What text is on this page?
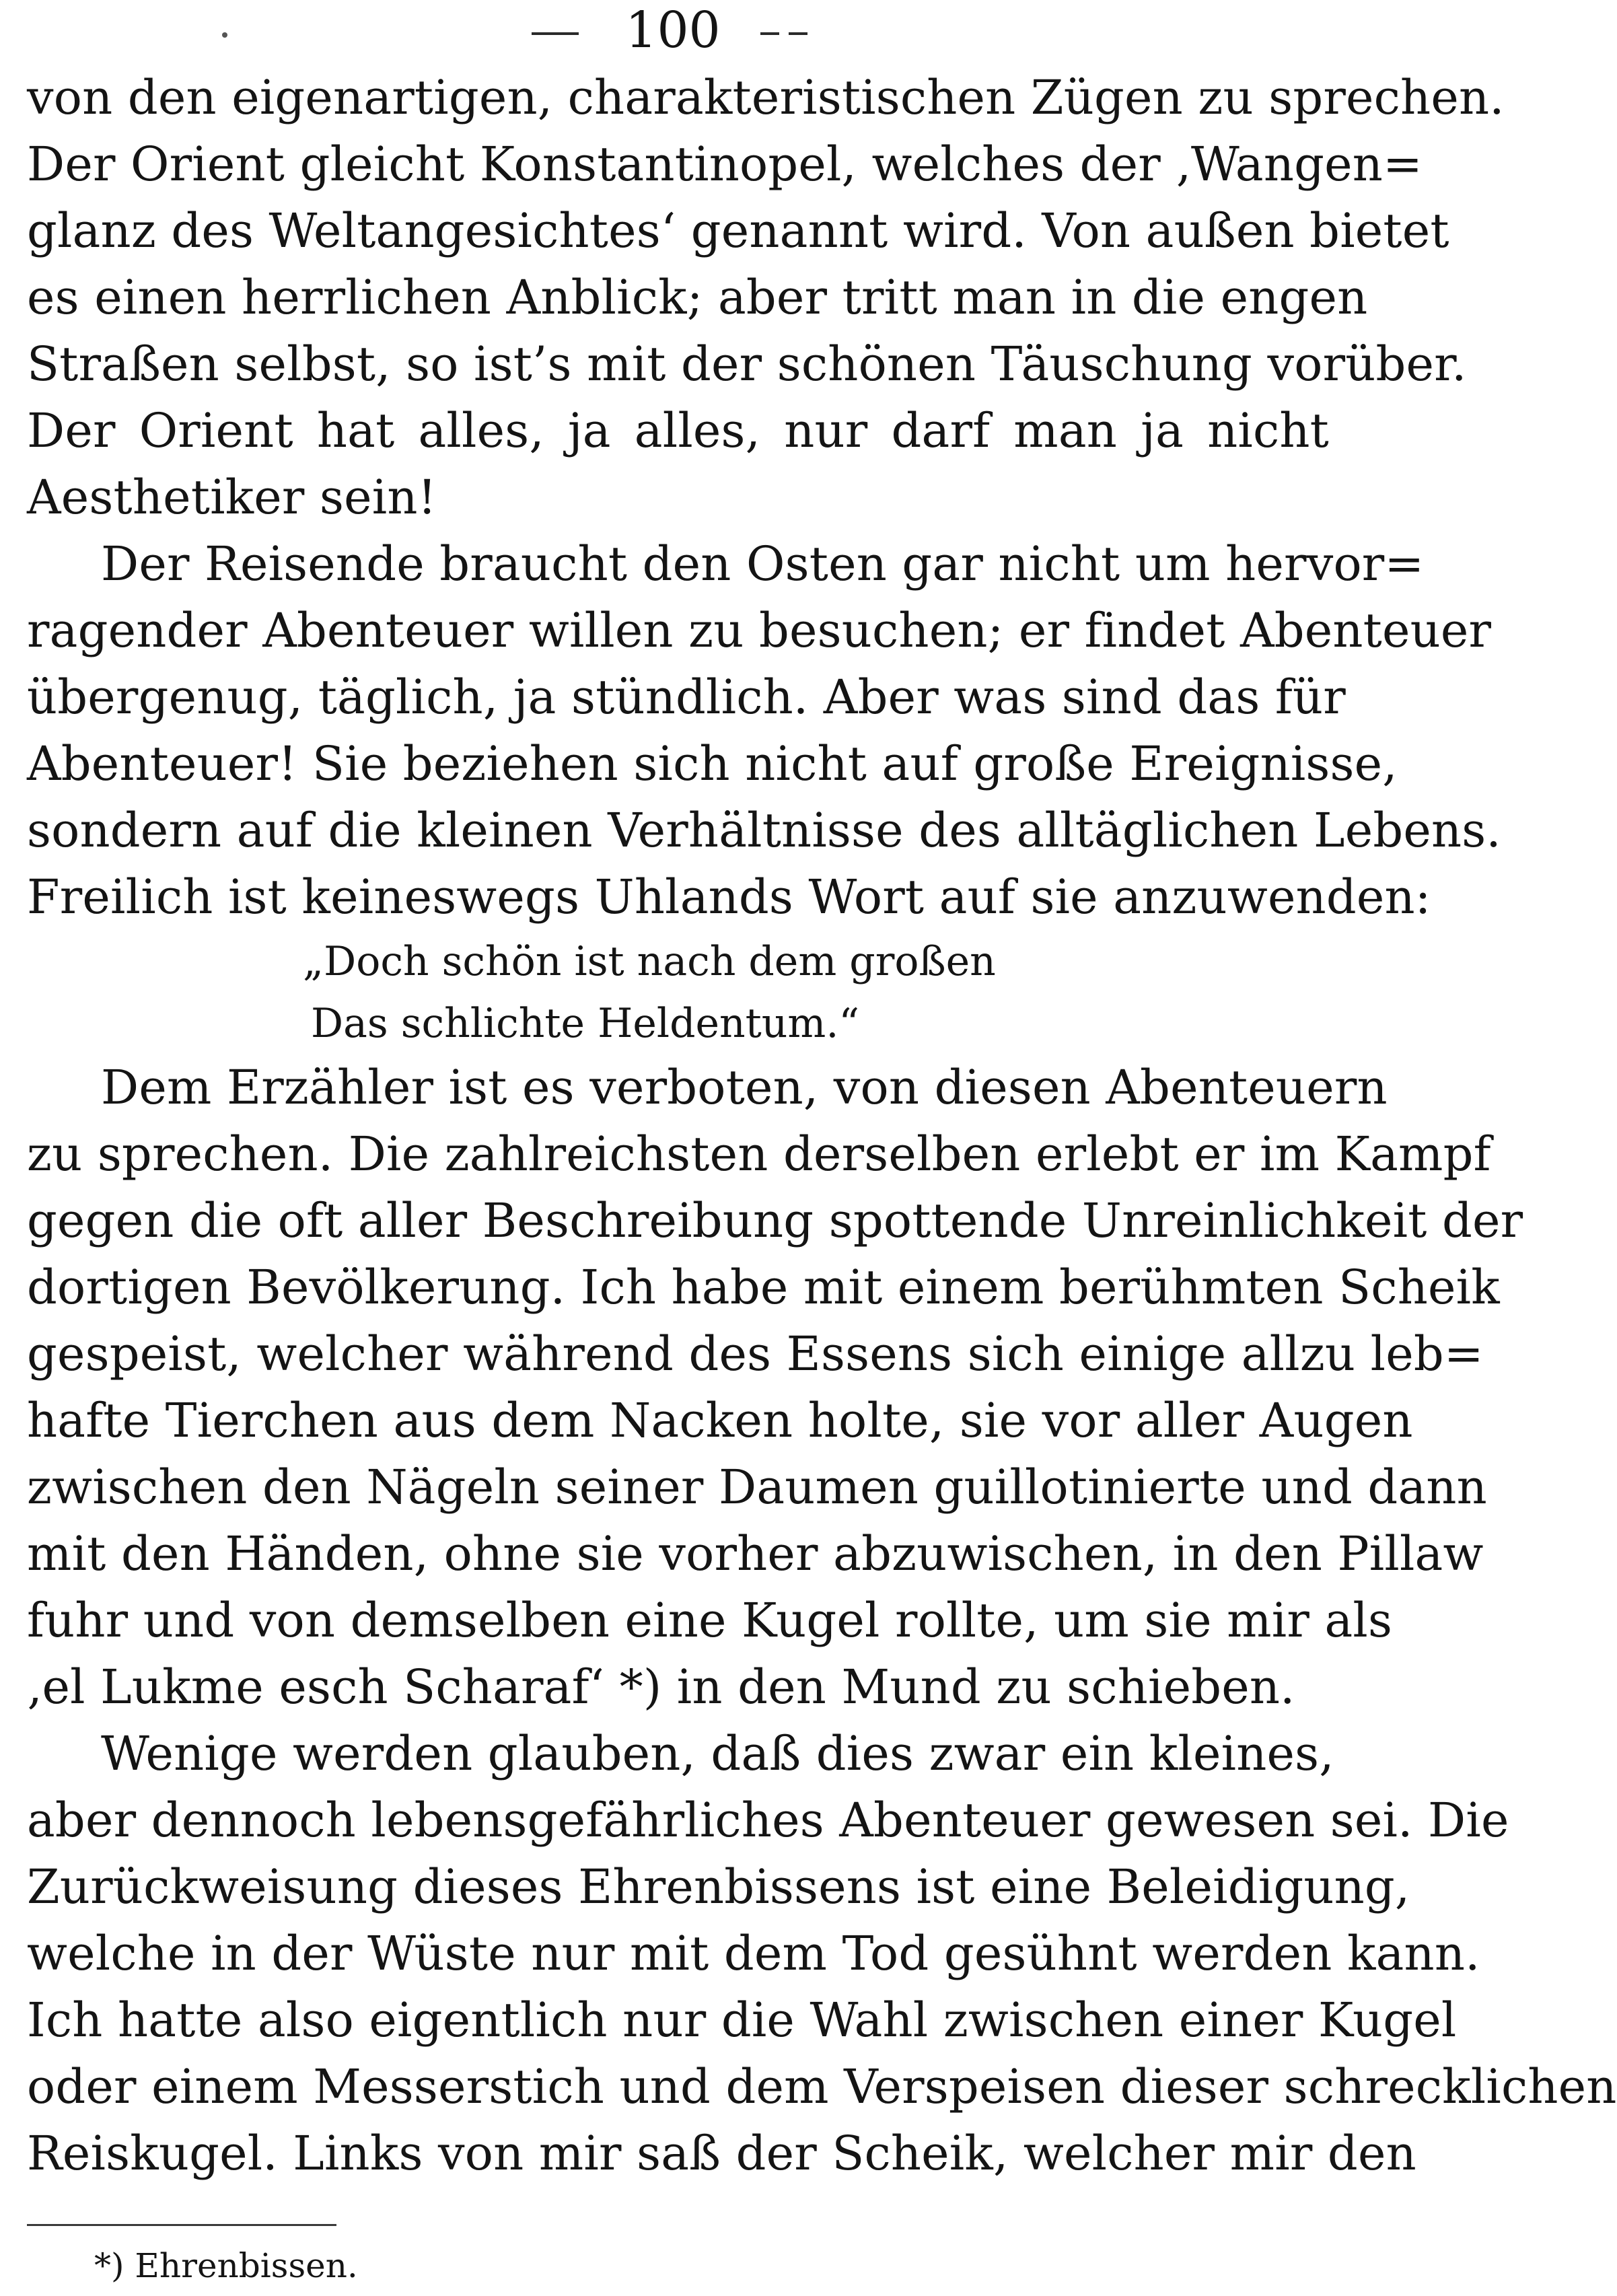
100
von den eigenartigen, charakteristischen Zügen zu sprechen.
Der Orient gleicht Konstantinopel, welches der ‚Wangen=
glanz des Weltangesichtes‘ genannt wird. Von außen bietet
es einen herrlichen Anblick; aber tritt man in die engen
Straßen selbst, so ist’s mit der schönen Täuschung vorüber.
Der Orient hat alles, ja alles, nur darf man ja nicht
Aesthetiker sein!
Der Reisende braucht den Osten gar nicht um hervor=
ragender Abenteuer willen zu besuchen; er findet Abenteuer
übergenug, täglich, ja stündlich. Aber was sind das für
Abenteuer! Sie beziehen sich nicht auf große Ereignisse,
sondern auf die kleinen Verhältnisse des alltäglichen Lebens.
Freilich ist keineswegs Uhlands Wort auf sie anzuwenden:
„Doch schön ist nach dem großen
Das schlichte Heldentum.“
Dem Erzähler ist es verboten, von diesen Abenteuern
zu sprechen. Die zahlreichsten derselben erlebt er im Kampf
gegen die oft aller Beschreibung spottende Unreinlichkeit der
dortigen Bevölkerung. Ich habe mit einem berühmten Scheik
gespeist, welcher während des Essens sich einige allzu leb=
hafte Tierchen aus dem Nacken holte, sie vor aller Augen
zwischen den Nägeln seiner Daumen guillotinierte und dann
mit den Händen, ohne sie vorher abzuwischen, in den Pillaw
fuhr und von demselben eine Kugel rollte, um sie mir als
‚el Lukme esch Scharaf‘ *) in den Mund zu schieben.
Wenige werden glauben, daß dies zwar ein kleines,
aber dennoch lebensgefährliches Abenteuer gewesen sei. Die
Zurückweisung dieses Ehrenbissens ist eine Beleidigung,
welche in der Wüste nur mit dem Tod gesühnt werden kann.
Ich hatte also eigentlich nur die Wahl zwischen einer Kugel
oder einem Messerstich und dem Verspeisen dieser schrecklichen
Reiskugel. Links von mir saß der Scheik, welcher mir den
*) Ehrenbissen.
